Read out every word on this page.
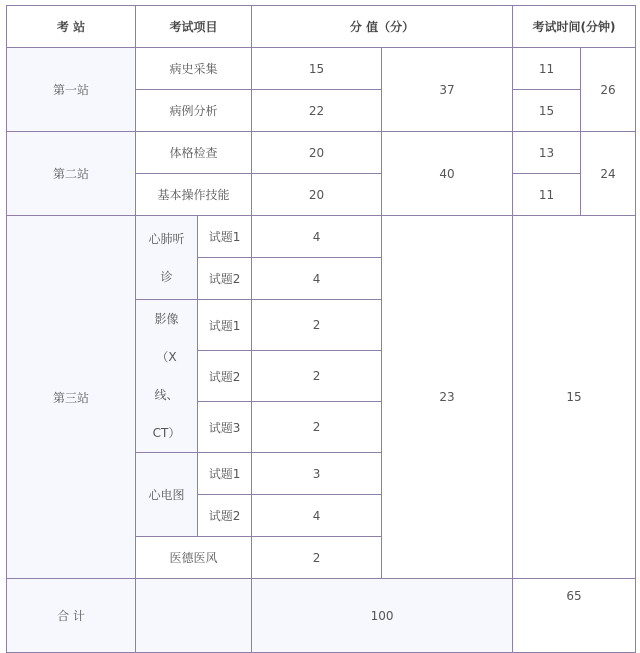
考 站	考试项目		分 值（分）		考试时间(分钟)	
第一站	病史采集		15	37	11	26
	病例分析		22		15	
第二站	体格检查		20	40	13	24
	基本操作技能		20		11	
第三站	心肺听诊	试题1	4	23	15	
		试题2	4			
	影像（X线、CT）	试题1	2			
		试题2	2			
		试题3	2			
	心电图	试题1	3			
		试题2	4			
	医德医风		2			
合 计			100		65	
